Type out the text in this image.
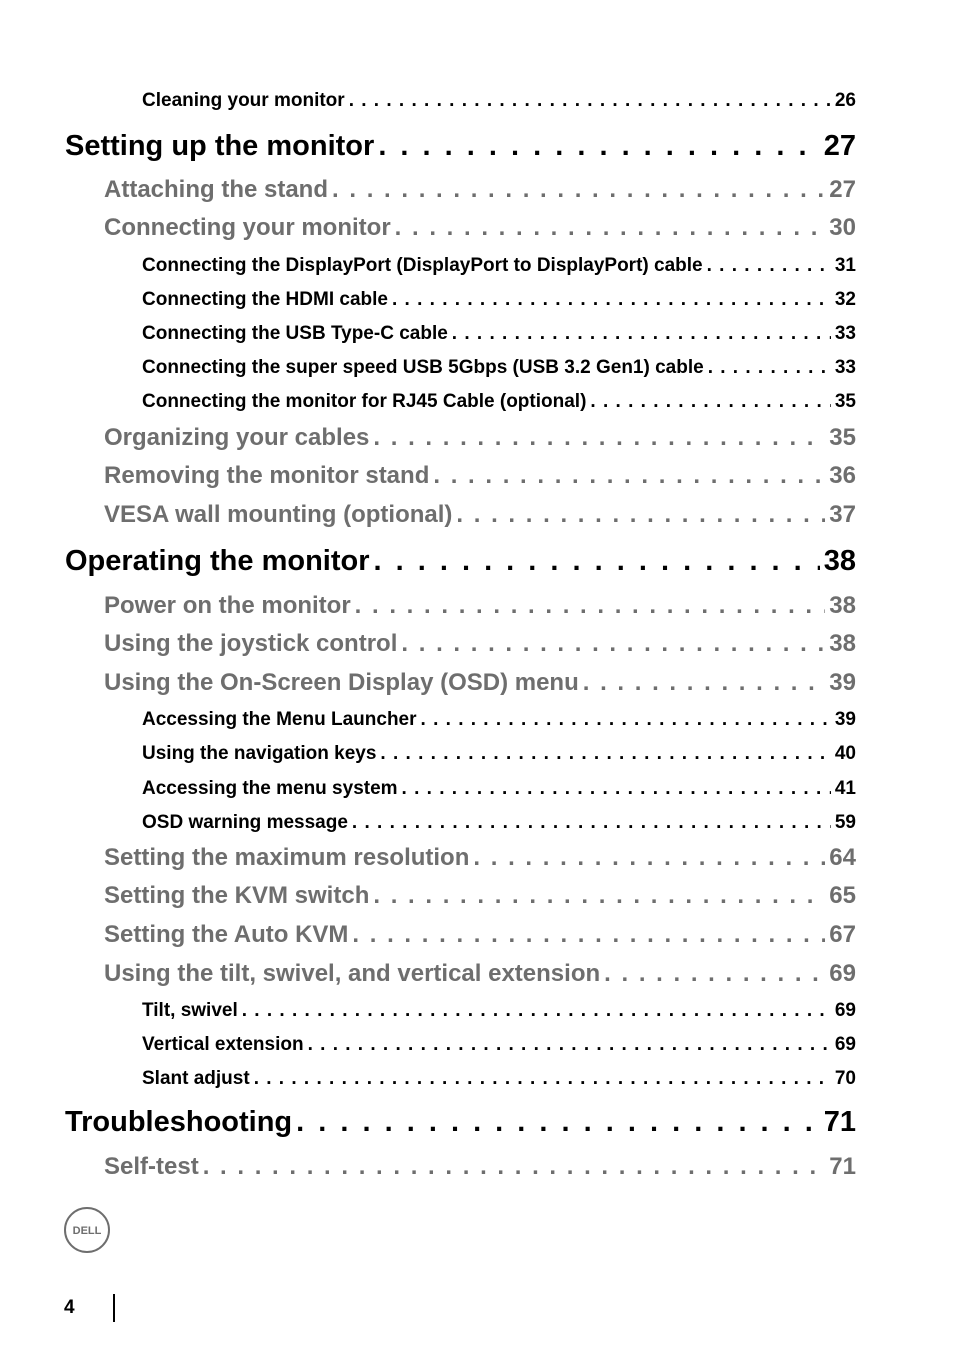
Cleaning your monitor . . .	26
Setting up the monitor . . .	27
Attaching the stand . . .	27
Connecting your monitor . . .	30
Connecting the DisplayPort (DisplayPort to DisplayPort) cable . . .	31
Connecting the HDMI cable . . .	32
Connecting the USB Type-C cable . . .	33
Connecting the super speed USB 5Gbps (USB 3.2 Gen1) cable . . .	33
Connecting the monitor for RJ45 Cable (optional) . . .	35
Organizing your cables . . .	35
Removing the monitor stand . . .	36
VESA wall mounting (optional) . . .	37
Operating the monitor . . .	38
Power on the monitor . . .	38
Using the joystick control . . .	38
Using the On-Screen Display (OSD) menu . . .	39
Accessing the Menu Launcher . . .	39
Using the navigation keys . . .	40
Accessing the menu system . . .	41
OSD warning message . . .	59
Setting the maximum resolution . . .	64
Setting the KVM switch . . .	65
Setting the Auto KVM . . .	67
Using the tilt, swivel, and vertical extension . . .	69
Tilt, swivel . . .	69
Vertical extension . . .	69
Slant adjust . . .	70
Troubleshooting . . .	71
Self-test . . .	71
DELL
4
